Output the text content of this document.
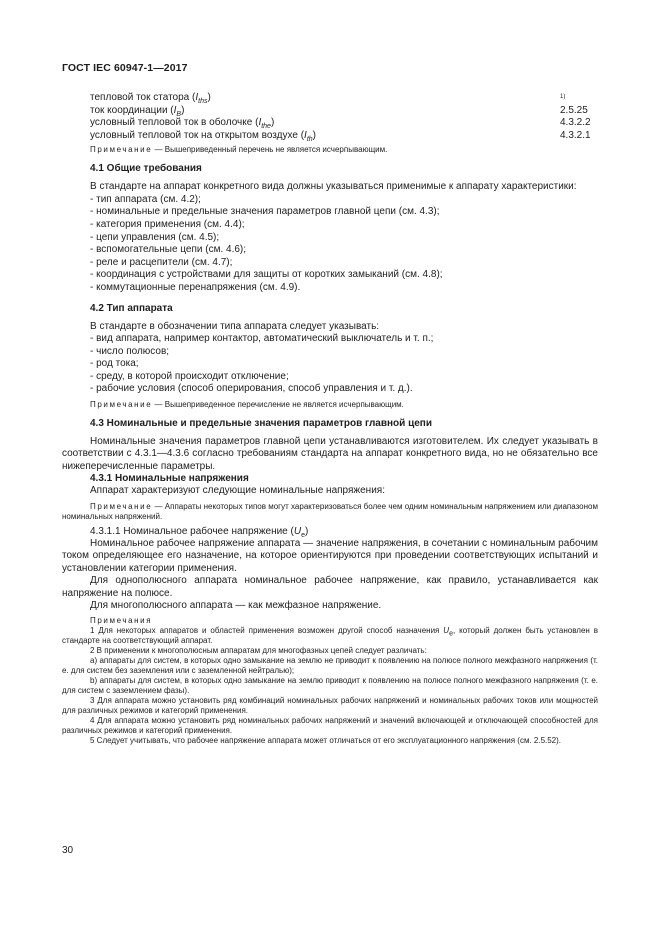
ГОСТ IEC 60947-1—2017
тепловой ток статора $(I_{ths})$	$^{1)}$
ток координации $(I_B)$	2.5.25
условный тепловой ток в оболочке $(I_{the})$	4.3.2.2
условный тепловой ток на открытом воздухе $(I_{th})$	4.3.2.1

Примечание — Вышеприведенный перечень не является исчерпывающим.

4.1 Общие требования

В стандарте на аппарат конкретного вида должны указываться применимые к аппарату характеристики:

- тип аппарата (см. 4.2);
- номинальные и предельные значения параметров главной цепи (см. 4.3);
- категория применения (см. 4.4);
- цепи управления (см. 4.5);
- вспомогательные цепи (см. 4.6);
- реле и расцепители (см. 4.7);
- координация с устройствами для защиты от коротких замыканий (см. 4.8);
- коммутационные перенапряжения (см. 4.9).

4.2 Тип аппарата

В стандарте в обозначении типа аппарата следует указывать:

- вид аппарата, например контактор, автоматический выключатель и т. п.;
- число полюсов;
- род тока;
- среду, в которой происходит отключение;
- рабочие условия (способ оперирования, способ управления и т. д.).

Примечание — Вышеприведенное перечисление не является исчерпывающим.

4.3 Номинальные и предельные значения параметров главной цепи

Номинальные значения параметров главной цепи устанавливаются изготовителем. Их следует указывать в соответствии с 4.3.1—4.3.6 согласно требованиям стандарта на аппарат конкретного вида, но не обязательно все нижеперечисленные параметры.

4.3.1 Номинальные напряжения

Аппарат характеризуют следующие номинальные напряжения:

Примечание — Аппараты некоторых типов могут характеризоваться более чем одним номинальным напряжением или диапазоном номинальных напряжений.

4.3.1.1 Номинальное рабочее напряжение $(U_e)$

Номинальное рабочее напряжение аппарата — значение напряжения, в сочетании с номинальным рабочим током определяющее его назначение, на которое ориентируются при проведении соответствующих испытаний и установлении категории применения.

Для однополюсного аппарата номинальное рабочее напряжение, как правило, устанавливается как напряжение на полюсе.

Для многополюсного аппарата — как межфазное напряжение.

Примечания

1 Для некоторых аппаратов и областей применения возможен другой способ назначения Ue, который должен быть установлен в стандарте на соответствующий аппарат.

2 В применении к многополюсным аппаратам для многофазных цепей следует различать:

a) аппараты для систем, в которых одно замыкание на землю не приводит к появлению на полюсе полного межфазного напряжения (т. е. для систем без заземления или с заземленной нейтралью);

b) аппараты для систем, в которых одно замыкание на землю приводит к появлению на полюсе полного межфазного напряжения (т. е. для систем с заземлением фазы).

3 Для аппарата можно установить ряд комбинаций номинальных рабочих напряжений и номинальных рабочих токов или мощностей для различных режимов и категорий применения.

4 Для аппарата можно установить ряд номинальных рабочих напряжений и значений включающей и отключающей способностей для различных режимов и категорий применения.

5 Следует учитывать, что рабочее напряжение аппарата может отличаться от его эксплуатационного напряжения (см. 2.5.52).

30
